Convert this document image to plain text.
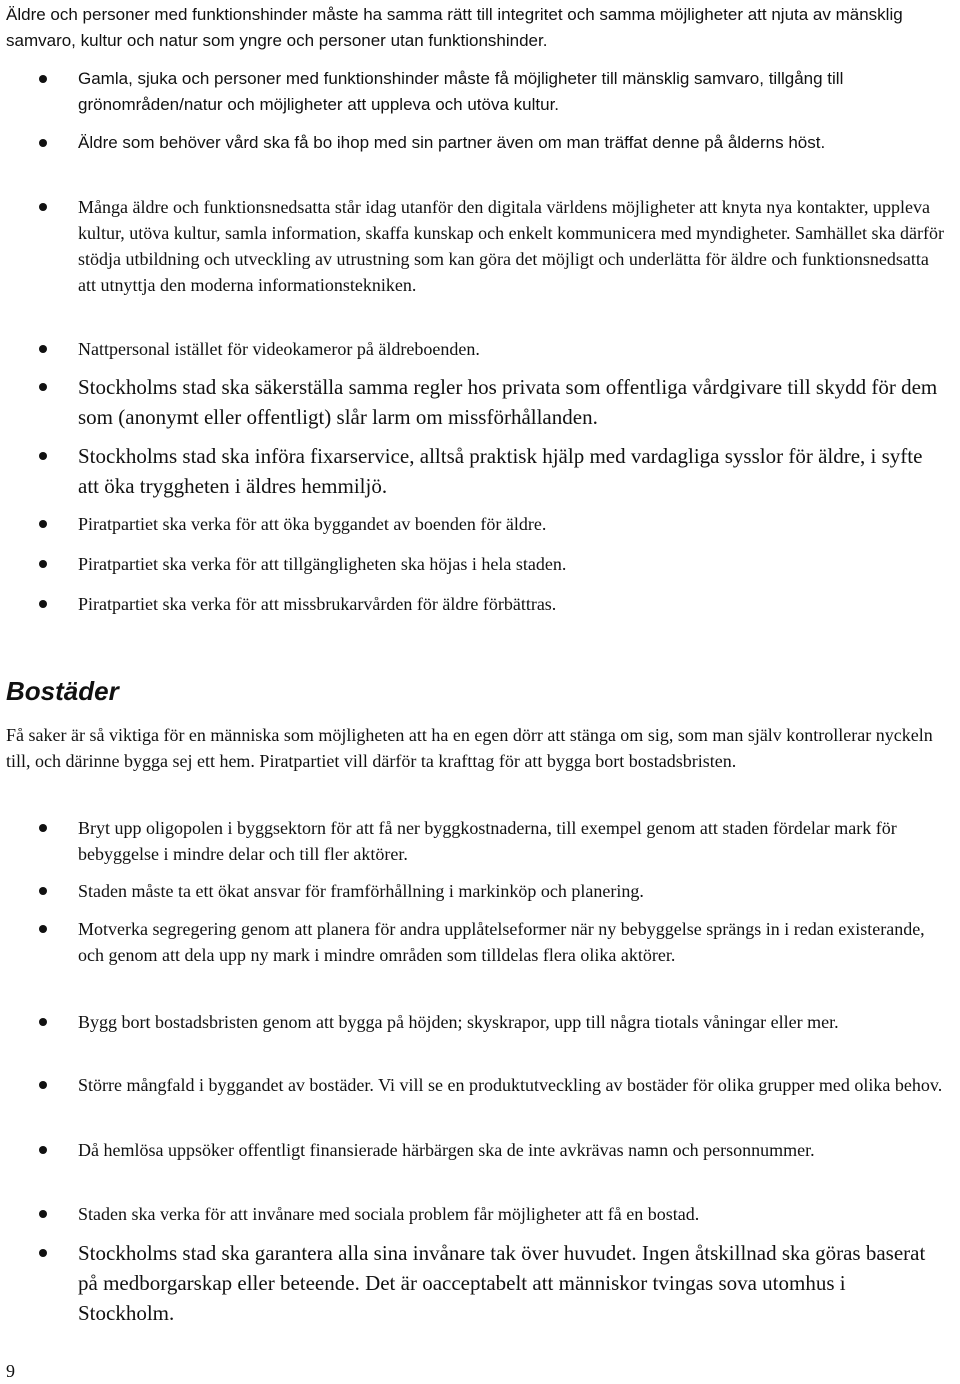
Äldre och personer med funktionshinder måste ha samma rätt till integritet och samma möjligheter att njuta av mänsklig samvaro, kultur och natur som yngre och personer utan funktionshinder.

Gamla, sjuka och personer med funktionshinder måste få möjligheter till mänsklig samvaro, tillgång till grönområden/natur och möjligheter att uppleva och utöva kultur.
Äldre som behöver vård ska få bo ihop med sin partner även om man träffat denne på ålderns höst.
Många äldre och funktionsnedsatta står idag utanför den digitala världens möjligheter att knyta nya kontakter, uppleva kultur, utöva kultur, samla information, skaffa kunskap och enkelt kommunicera med myndigheter. Samhället ska därför stödja utbildning och utveckling av utrustning som kan göra det möjligt och underlätta för äldre och funktionsnedsatta att utnyttja den moderna informationstekniken.
Nattpersonal istället för videokameror på äldreboenden.
Stockholms stad ska säkerställa samma regler hos privata som offentliga vårdgivare till skydd för dem som (anonymt eller offentligt) slår larm om missförhållanden.
Stockholms stad ska införa fixarservice, alltså praktisk hjälp med vardagliga sysslor för äldre, i syfte att öka tryggheten i äldres hemmiljö.
Piratpartiet ska verka för att öka byggandet av boenden för äldre.
Piratpartiet ska verka för att tillgängligheten ska höjas i hela staden.
Piratpartiet ska verka för att missbrukarvården för äldre förbättras.
Bostäder

Få saker är så viktiga för en människa som möjligheten att ha en egen dörr att stänga om sig, som man själv kontrollerar nyckeln till, och därinne bygga sej ett hem. Piratpartiet vill därför ta krafttag för att bygga bort bostadsbristen.

Bryt upp oligopolen i byggsektorn för att få ner byggkostnaderna, till exempel genom att staden fördelar mark för bebyggelse i mindre delar och till fler aktörer.
Staden måste ta ett ökat ansvar för framförhållning i markinköp och planering.
Motverka segregering genom att planera för andra upplåtelseformer när ny bebyggelse sprängs in i redan existerande, och genom att dela upp ny mark i mindre områden som tilldelas flera olika aktörer.
Bygg bort bostadsbristen genom att bygga på höjden; skyskrapor, upp till några tiotals våningar eller mer.
Större mångfald i byggandet av bostäder. Vi vill se en produktutveckling av bostäder för olika grupper med olika behov.
Då hemlösa uppsöker offentligt finansierade härbärgen ska de inte avkrävas namn och personnummer.
Staden ska verka för att invånare med sociala problem får möjligheter att få en bostad.
Stockholms stad ska garantera alla sina invånare tak över huvudet. Ingen åtskillnad ska göras baserat på medborgarskap eller beteende. Det är oacceptabelt att människor tvingas sova utomhus i Stockholm.

9
